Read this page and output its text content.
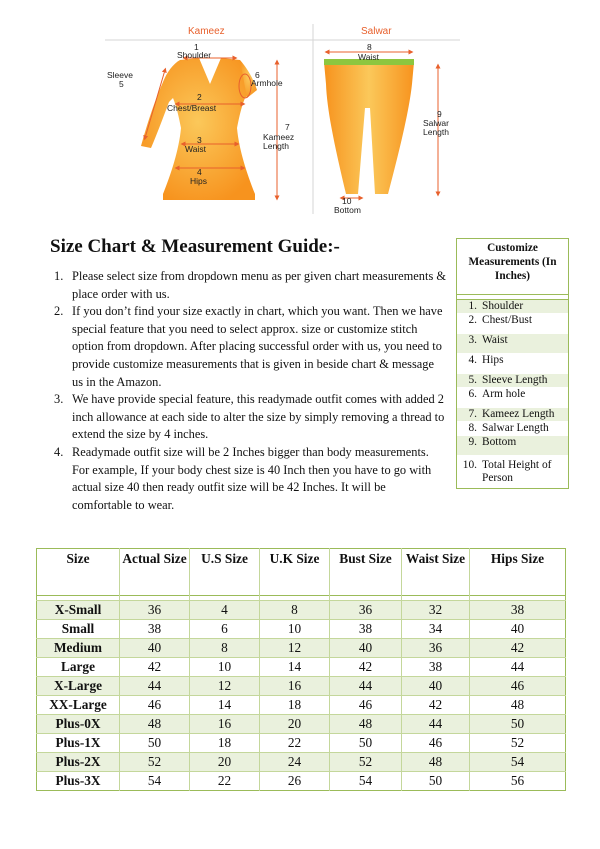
Kameez	Salwar
1
Shoulder
Sleeve
5
6
Armhole
2
Chest/Breast
3
Waist
4
Hips
7
Kameez
Length
8
Waist
9
Salwar
Length
10
Bottom
Size Chart & Measurement Guide:-
1. Please select size from dropdown menu as per given chart measurements & place order with us.
2. If you don’t find your size exactly in chart, which you want. Then we have special feature that you need to select approx. size or customize stitch option from dropdown. After placing successful order with us, you need to provide customize measurements that is given in beside chart & message us in the Amazon.
3. We have provide special feature, this readymade outfit comes with added 2 inch allowance at each side to alter the size by simply removing a thread to extend the size by 4 inches.
4. Readymade outfit size will be 2 Inches bigger than body measurements. For example, If your body chest size is 40 Inch then you have to go with actual size 40 then ready outfit size will be 42 Inches. It will be comfortable to wear.
Customize Measurements (In Inches)
1. Shoulder
2. Chest/Bust
3. Waist
4. Hips
5. Sleeve Length
6. Arm hole
7. Kameez Length
8. Salwar Length
9. Bottom
10. Total Height of Person
Size	Actual Size	U.S Size	U.K Size	Bust Size	Waist Size	Hips Size

X-Small	36	4	8	36	32	38
Small	38	6	10	38	34	40
Medium	40	8	12	40	36	42
Large	42	10	14	42	38	44
X-Large	44	12	16	44	40	46
XX-Large	46	14	18	46	42	48
Plus-0X	48	16	20	48	44	50
Plus-1X	50	18	22	50	46	52
Plus-2X	52	20	24	52	48	54
Plus-3X	54	22	26	54	50	56
